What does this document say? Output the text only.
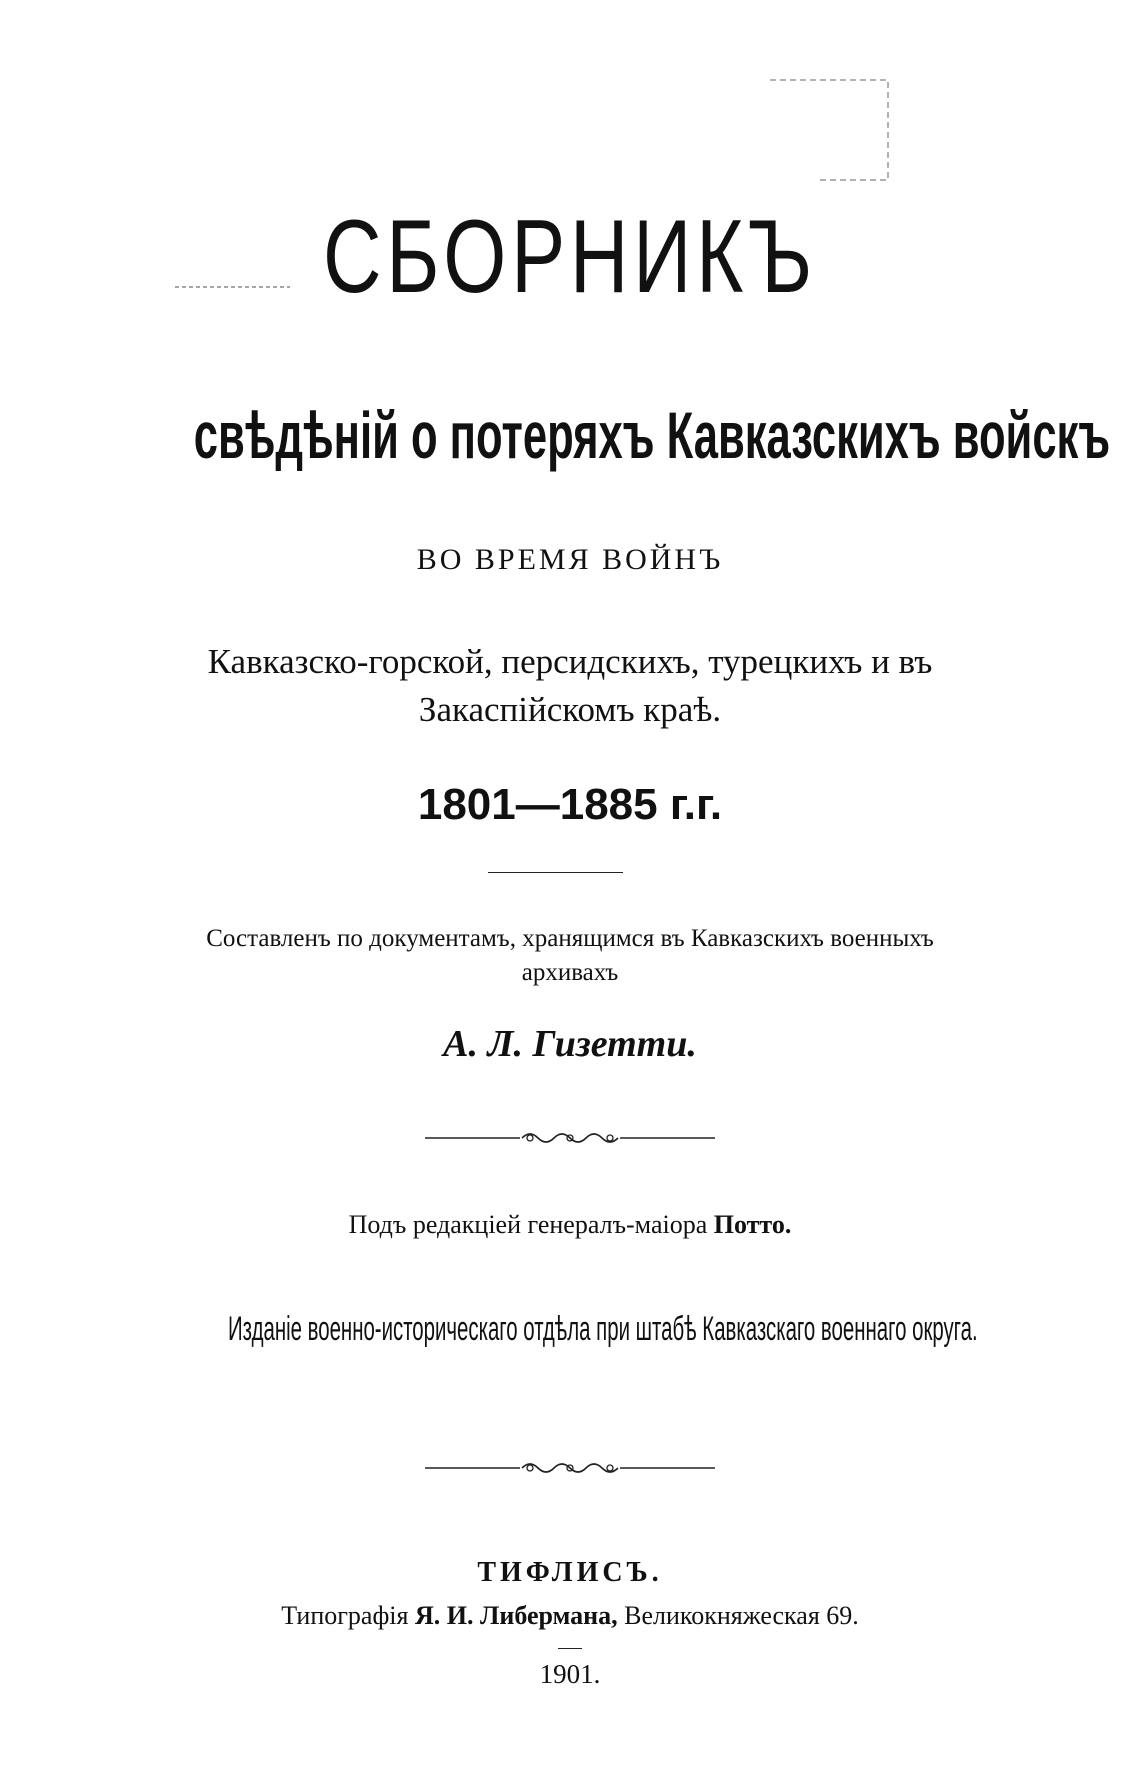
СБОРНИКЪ
свѣдѣній о потеряхъ Кавказскихъ войскъ
ВО ВРЕМЯ ВОЙНЪ
Кавказско-горской, персидскихъ, турецкихъ и въ
Закаспійскомъ краѣ.
1801—1885 г.г.
Составленъ по документамъ, хранящимся въ Кавказскихъ военныхъ
архивахъ
А. Л. Гизетти.
Подъ редакціей генералъ-маіора Потто.
Изданіе военно-историческаго отдѣла при штабѣ Кавказскаго военнаго округа.
ТИФЛИСЪ.
Типографія Я. И. Либермана, Великокняжеская 69.
1901.
